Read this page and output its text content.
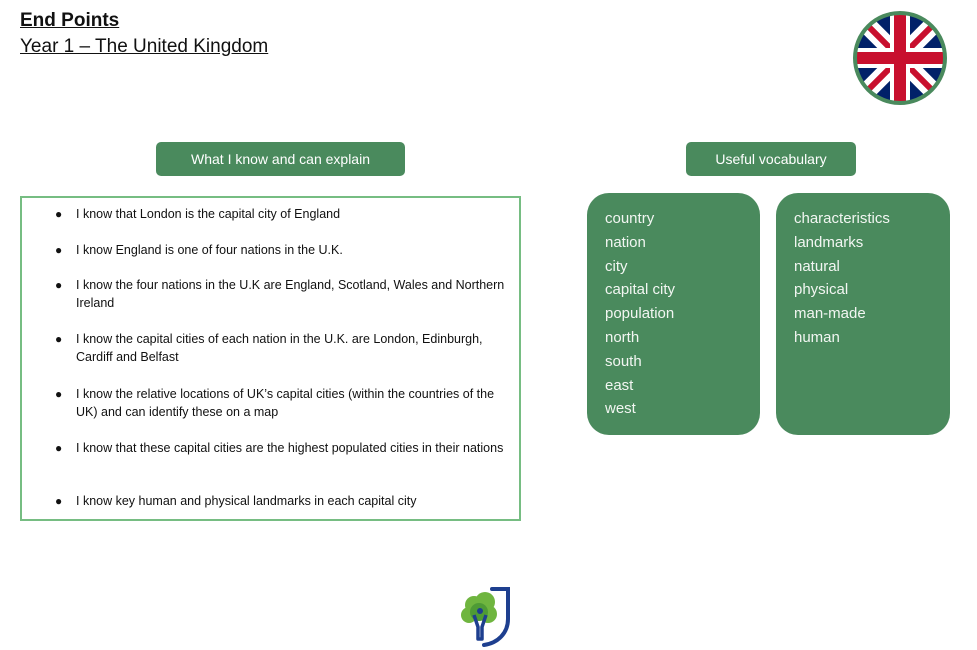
End Points
Year 1 – The United Kingdom
What I know and can explain	Useful vocabulary
● I know that London is the capital city of England
● I know England is one of four nations in the U.K.
● I know the four nations in the U.K are England, Scotland, Wales and Northern Ireland
● I know the capital cities of each nation in the U.K. are London, Edinburgh, Cardiff and Belfast
● I know the relative locations of UK’s capital cities (within the countries of the UK) and can identify these on a map
● I know that these capital cities are the highest populated cities in their nations
● I know key human and physical landmarks in each capital city
country
nation
city
capital city
population
north
south
east
west
characteristics
landmarks
natural
physical
man-made
human
